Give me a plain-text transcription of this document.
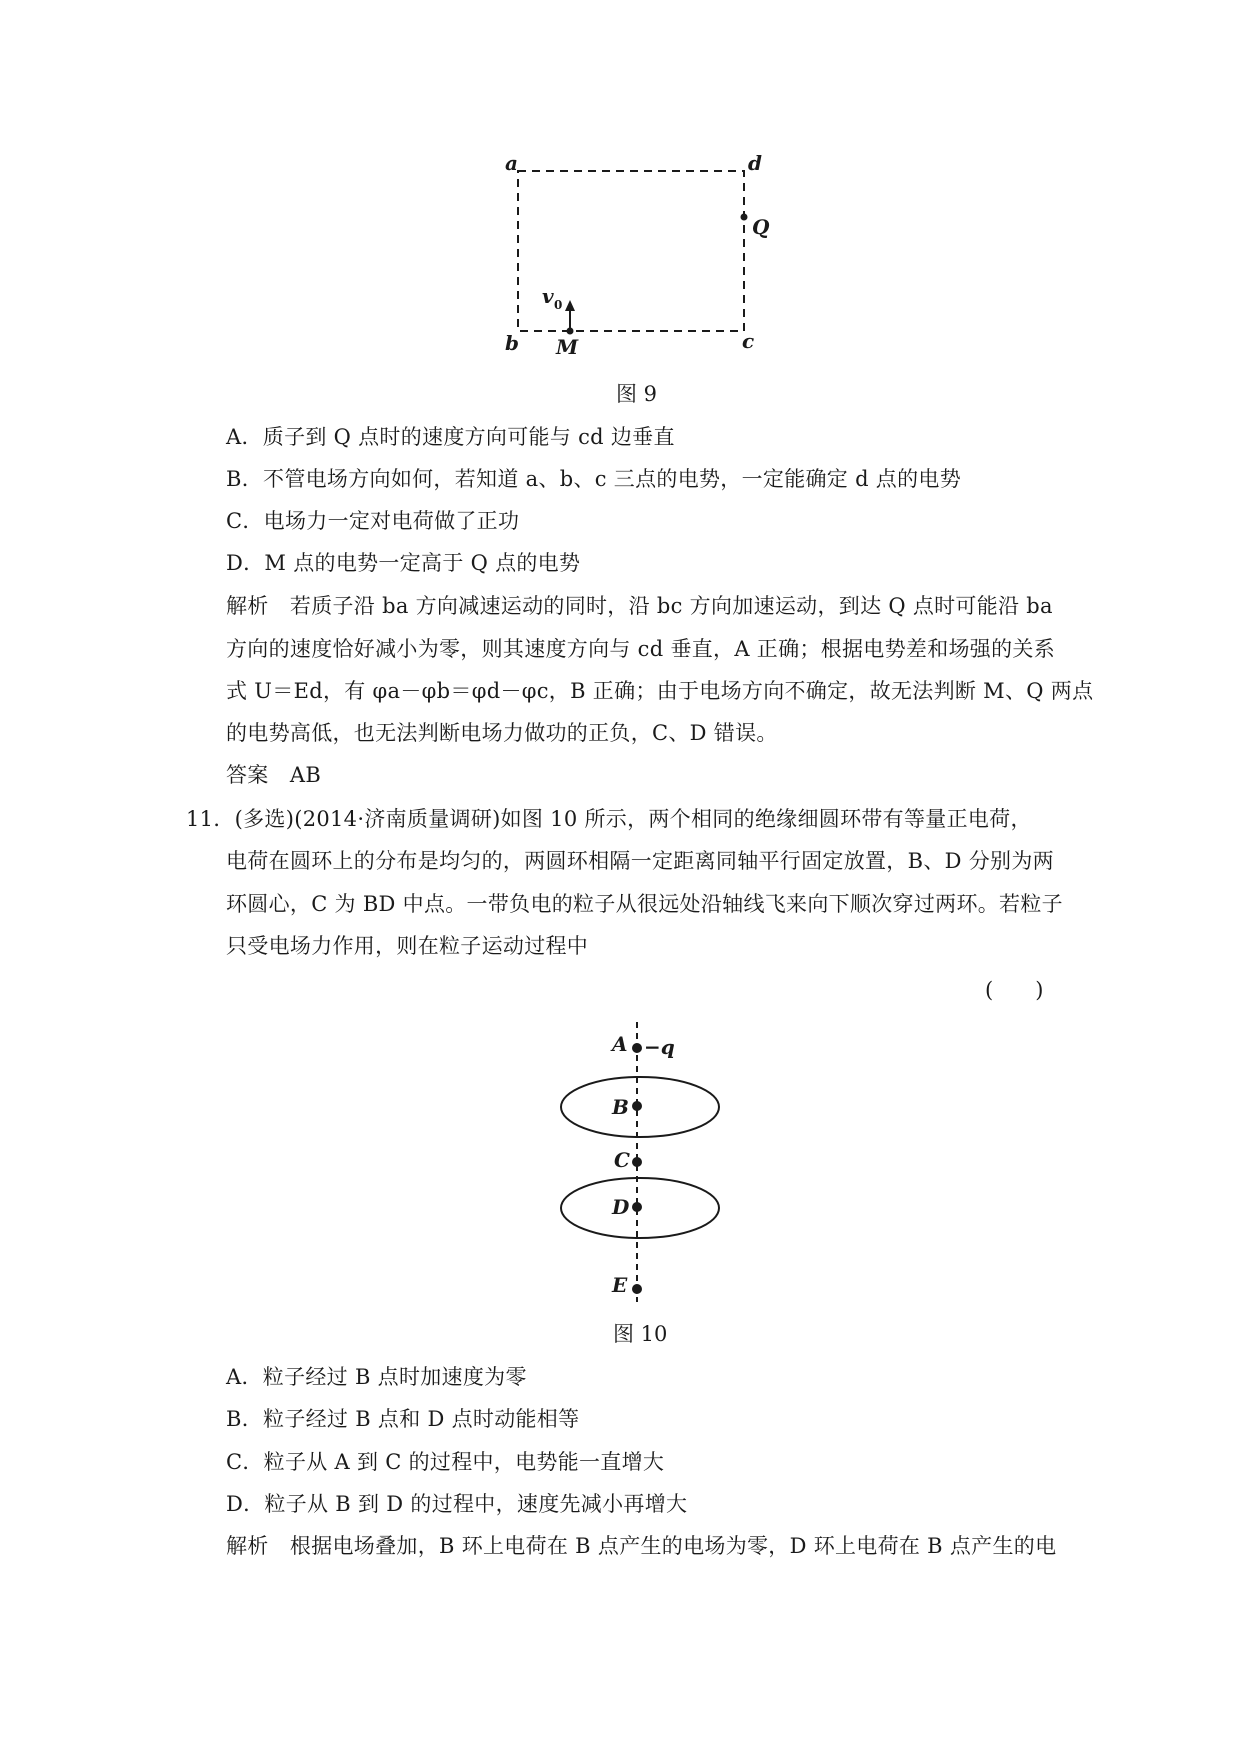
a	d
Q
b	c
M
v 0
图 9
A．质子到 Q 点时的速度方向可能与 cd 边垂直
B．不管电场方向如何，若知道 a、b、c 三点的电势，一定能确定 d 点的电势
C．电场力一定对电荷做了正功
D．M 点的电势一定高于 Q 点的电势
解析　若质子沿 ba 方向减速运动的同时，沿 bc 方向加速运动，到达 Q 点时可能沿 ba
方向的速度恰好减小为零，则其速度方向与 cd 垂直，A 正确；根据电势差和场强的关系
式 U＝Ed，有 φa－φb＝φd－φc，B 正确；由于电场方向不确定，故无法判断 M、Q 两点
的电势高低，也无法判断电场力做功的正负，C、D 错误。
答案　AB
11．(多选)(2014·济南质量调研)如图 10 所示，两个相同的绝缘细圆环带有等量正电荷，
电荷在圆环上的分布是均匀的，两圆环相隔一定距离同轴平行固定放置，B、D 分别为两
环圆心，C 为 BD 中点。一带负电的粒子从很远处沿轴线飞来向下顺次穿过两环。若粒子
只受电场力作用，则在粒子运动过程中
(　　)
A −q
B
C
D
E
图 10
A．粒子经过 B 点时加速度为零
B．粒子经过 B 点和 D 点时动能相等
C．粒子从 A 到 C 的过程中，电势能一直增大
D．粒子从 B 到 D 的过程中，速度先减小再增大
解析　根据电场叠加，B 环上电荷在 B 点产生的电场为零，D 环上电荷在 B 点产生的电
